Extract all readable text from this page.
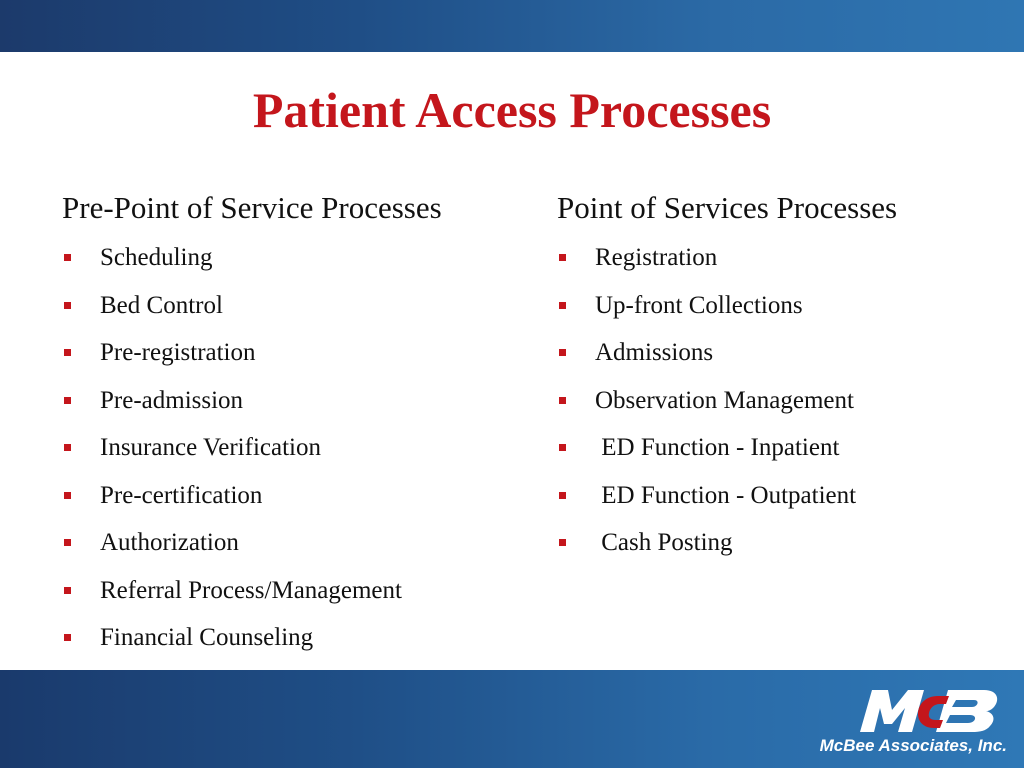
Patient Access Processes
Pre-Point of Service Processes
Scheduling
Bed Control
Pre-registration
Pre-admission
Insurance Verification
Pre-certification
Authorization
Referral Process/Management
Financial Counseling
Point of Services Processes
Registration
Up-front Collections
Admissions
Observation Management
ED Function - Inpatient
ED Function - Outpatient
Cash Posting
McBee Associates, Inc.
